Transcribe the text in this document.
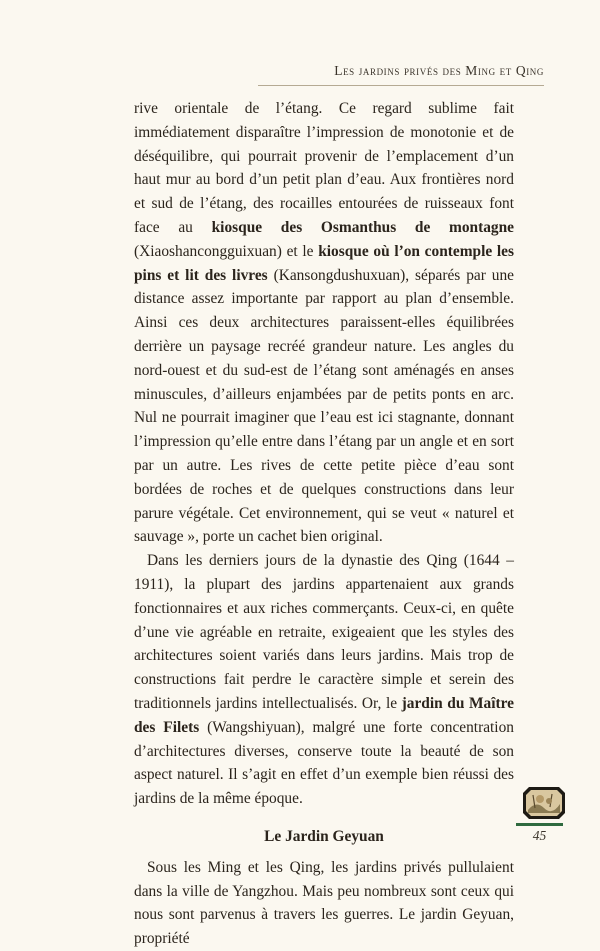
Les jardins privés des Ming et Qing

rive orientale de l’étang. Ce regard sublime fait immédiatement disparaître l’impression de monotonie et de déséquilibre, qui pourrait provenir de l’emplacement d’un haut mur au bord d’un petit plan d’eau. Aux frontières nord et sud de l’étang, des rocailles entourées de ruisseaux font face au kiosque des Osmanthus de montagne (Xiaoshancongguixuan) et le kiosque où l’on contemple les pins et lit des livres (Kansongdushuxuan), séparés par une distance assez importante par rapport au plan d’ensemble. Ainsi ces deux architectures paraissent-elles équilibrées derrière un paysage recréé grandeur nature. Les angles du nord-ouest et du sud-est de l’étang sont aménagés en anses minuscules, d’ailleurs enjambées par de petits ponts en arc. Nul ne pourrait imaginer que l’eau est ici stagnante, donnant l’impression qu’elle entre dans l’étang par un angle et en sort par un autre. Les rives de cette petite pièce d’eau sont bordées de roches et de quelques constructions dans leur parure végétale. Cet environnement, qui se veut « naturel et sauvage », porte un cachet bien original.

Dans les derniers jours de la dynastie des Qing (1644 – 1911), la plupart des jardins appartenaient aux grands fonctionnaires et aux riches commerçants. Ceux-ci, en quête d’une vie agréable en retraite, exigeaient que les styles des architectures soient variés dans leurs jardins. Mais trop de constructions fait perdre le caractère simple et serein des traditionnels jardins intellectualisés. Or, le jardin du Maître des Filets (Wangshiyuan), malgré une forte concentration d’architectures diverses, conserve toute la beauté de son aspect naturel. Il s’agit en effet d’un exemple bien réussi des jardins de la même époque.

Le Jardin Geyuan

Sous les Ming et les Qing, les jardins privés pullulaient dans la ville de Yangzhou. Mais peu nombreux sont ceux qui nous sont parvenus à travers les guerres. Le jardin Geyuan, propriété

45
